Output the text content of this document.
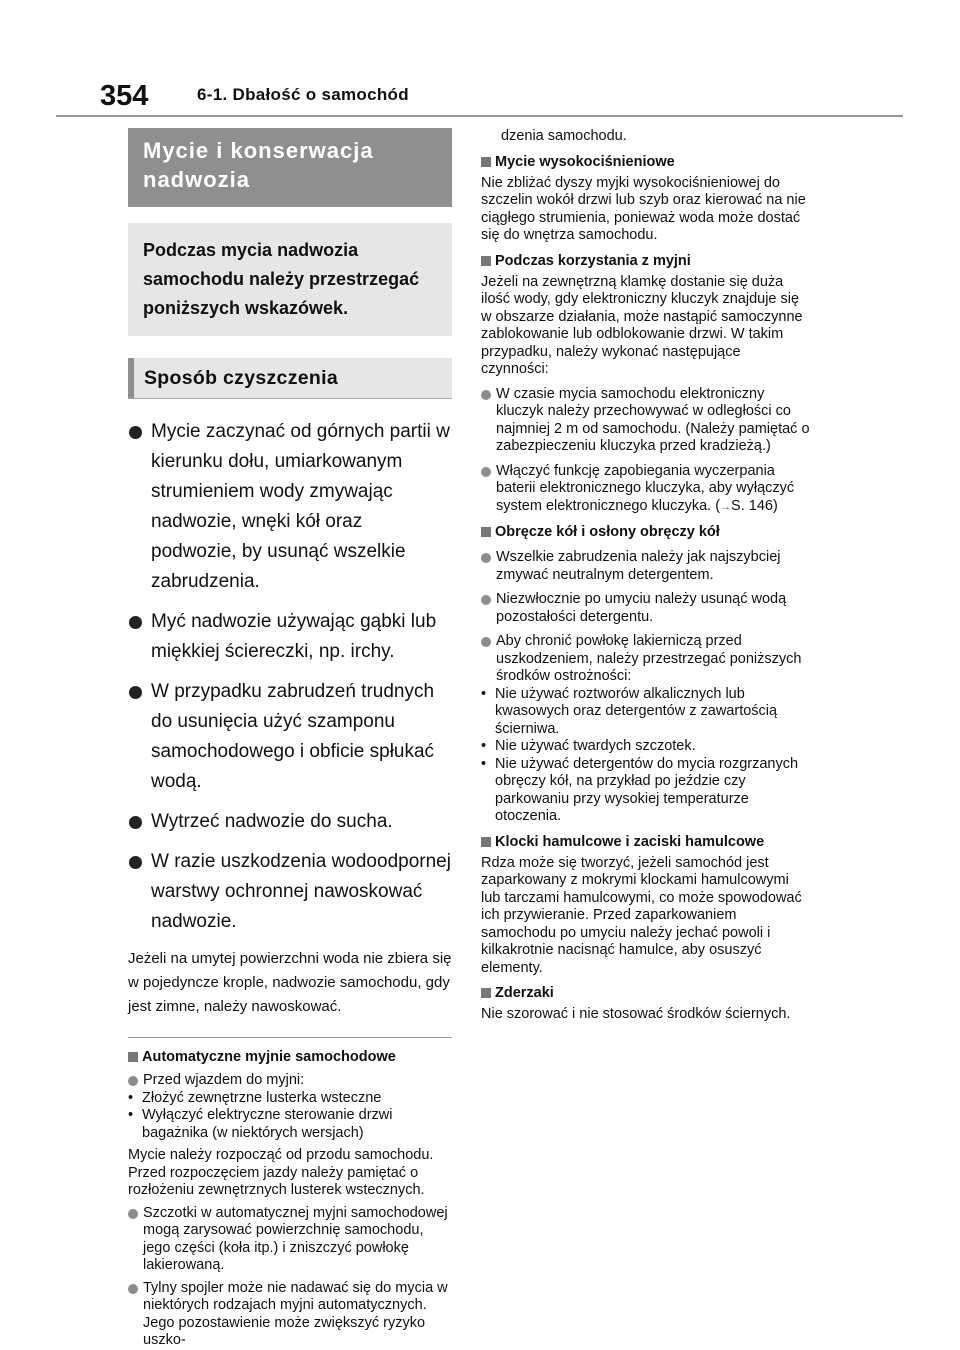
354	6-1. Dbałość o samochód
Mycie i konserwacja nadwozia
Podczas mycia nadwozia samochodu należy przestrzegać poniższych wskazówek.
Sposób czyszczenia
Mycie zaczynać od górnych partii w kierunku dołu, umiarkowanym strumieniem wody zmywając nadwozie, wnęki kół oraz podwozie, by usunąć wszelkie zabrudzenia.
Myć nadwozie używając gąbki lub miękkiej ściereczki, np. irchy.
W przypadku zabrudzeń trudnych do usunięcia użyć szamponu samochodowego i obficie spłukać wodą.
Wytrzeć nadwozie do sucha.
W razie uszkodzenia wodoodpornej warstwy ochronnej nawoskować nadwozie.
Jeżeli na umytej powierzchni woda nie zbiera się w pojedyncze krople, nadwozie samochodu, gdy jest zimne, należy nawoskować.
Automatyczne myjnie samochodowe
Przed wjazdem do myjni:
• Złożyć zewnętrzne lusterka wsteczne
• Wyłączyć elektryczne sterowanie drzwi bagażnika (w niektórych wersjach)
Mycie należy rozpocząć od przodu samochodu. Przed rozpoczęciem jazdy należy pamiętać o rozłożeniu zewnętrznych lusterek wstecznych.
Szczotki w automatycznej myjni samochodowej mogą zarysować powierzchnię samochodu, jego części (koła itp.) i zniszczyć powłokę lakierowaną.
Tylny spojler może nie nadawać się do mycia w niektórych rodzajach myjni automatycznych. Jego pozostawienie może zwiększyć ryzyko uszko-
dzenia samochodu.
Mycie wysokociśnieniowe
Nie zbliżać dyszy myjki wysokociśnieniowej do szczelin wokół drzwi lub szyb oraz kierować na nie ciągłego strumienia, ponieważ woda może dostać się do wnętrza samochodu.
Podczas korzystania z myjni
Jeżeli na zewnętrzną klamkę dostanie się duża ilość wody, gdy elektroniczny kluczyk znajduje się w obszarze działania, może nastąpić samoczynne zablokowanie lub odblokowanie drzwi. W takim przypadku, należy wykonać następujące czynności:
W czasie mycia samochodu elektroniczny kluczyk należy przechowywać w odległości co najmniej 2 m od samochodu. (Należy pamiętać o zabezpieczeniu kluczyka przed kradzieżą.)
Włączyć funkcję zapobiegania wyczerpania baterii elektronicznego kluczyka, aby wyłączyć system elektronicznego kluczyka. (→S. 146)
Obręcze kół i osłony obręczy kół
Wszelkie zabrudzenia należy jak najszybciej zmywać neutralnym detergentem.
Niezwłocznie po umyciu należy usunąć wodą pozostałości detergentu.
Aby chronić powłokę lakierniczą przed uszkodzeniem, należy przestrzegać poniższych środków ostrożności:
• Nie używać roztworów alkalicznych lub kwasowych oraz detergentów z zawartością ścierniwa.
• Nie używać twardych szczotek.
• Nie używać detergentów do mycia rozgrzanych obręczy kół, na przykład po jeździe czy parkowaniu przy wysokiej temperaturze otoczenia.
Klocki hamulcowe i zaciski hamulcowe
Rdza może się tworzyć, jeżeli samochód jest zaparkowany z mokrymi klockami hamulcowymi lub tarczami hamulcowymi, co może spowodować ich przywieranie. Przed zaparkowaniem samochodu po umyciu należy jechać powoli i kilkakrotnie nacisnąć hamulce, aby osuszyć elementy.
Zderzaki
Nie szorować i nie stosować środków ściernych.
